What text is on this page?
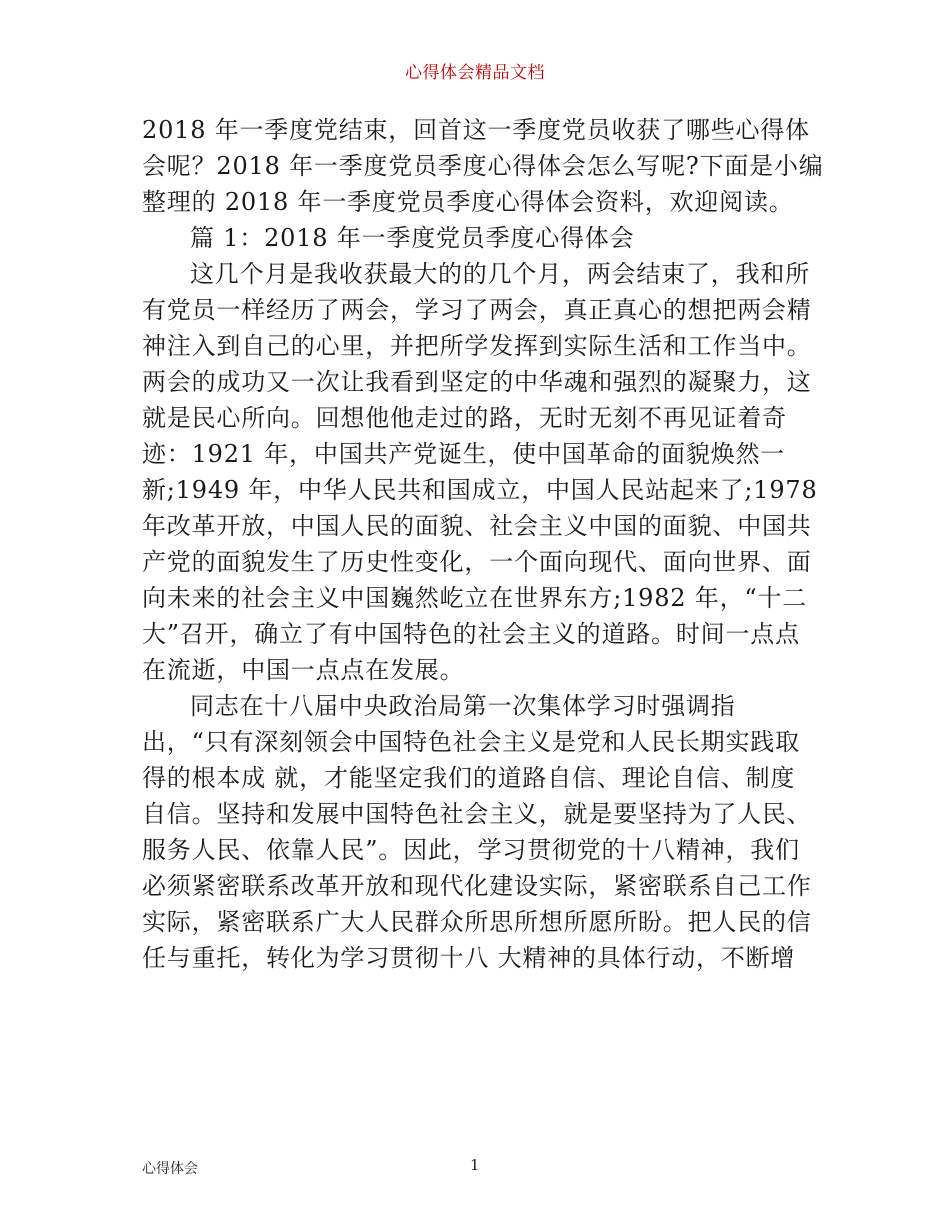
心得体会精品文档
2018 年一季度党结束，回首这一季度党员收获了哪些心得体
会呢？2018 年一季度党员季度心得体会怎么写呢?下面是小编
整理的 2018 年一季度党员季度心得体会资料，欢迎阅读。
篇 1：2018 年一季度党员季度心得体会
这几个月是我收获最大的的几个月，两会结束了，我和所
有党员一样经历了两会，学习了两会，真正真心的想把两会精
神注入到自己的心里，并把所学发挥到实际生活和工作当中。
两会的成功又一次让我看到坚定的中华魂和强烈的凝聚力，这
就是民心所向。回想他他走过的路，无时无刻不再见证着奇
迹：1921 年，中国共产党诞生，使中国革命的面貌焕然一
新;1949 年，中华人民共和国成立，中国人民站起来了;1978
年改革开放，中国人民的面貌、社会主义中国的面貌、中国共
产党的面貌发生了历史性变化，一个面向现代、面向世界、面
向未来的社会主义中国巍然屹立在世界东方;1982 年，“十二
大”召开，确立了有中国特色的社会主义的道路。时间一点点
在流逝，中国一点点在发展。
同志在十八届中央政治局第一次集体学习时强调指
出，“只有深刻领会中国特色社会主义是党和人民长期实践取
得的根本成 就，才能坚定我们的道路自信、理论自信、制度
自信。坚持和发展中国特色社会主义，就是要坚持为了人民、
服务人民、依靠人民”。因此，学习贯彻党的十八精神，我们
必须紧密联系改革开放和现代化建设实际，紧密联系自己工作
实际，紧密联系广大人民群众所思所想所愿所盼。把人民的信
任与重托，转化为学习贯彻十八 大精神的具体行动，不断增
心得体会	1
